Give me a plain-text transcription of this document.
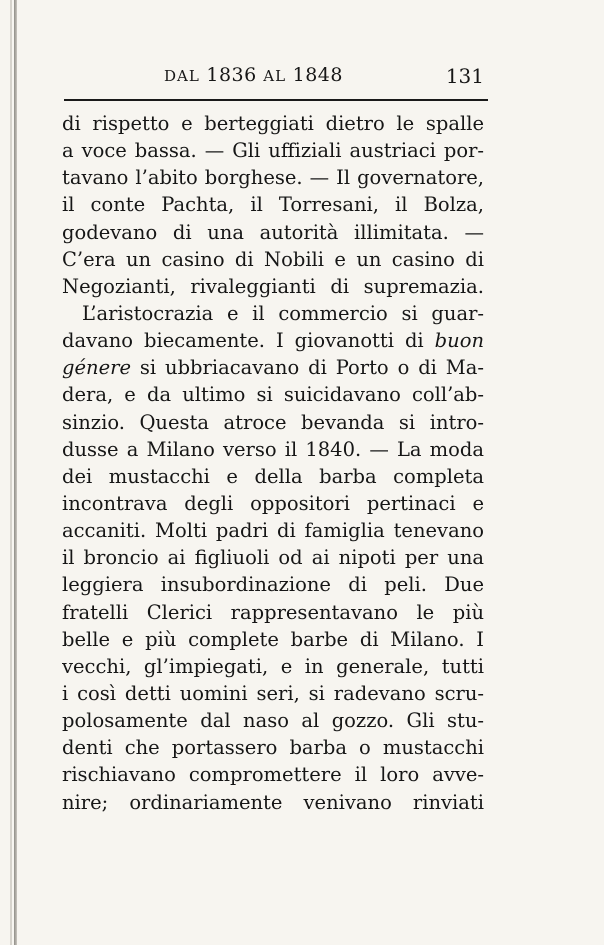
DAL 1836 AL 1848	131
di rispetto e berteggiati dietro le spalle
a voce bassa. — Gli uffiziali austriaci por-
tavano l’abito borghese. — Il governatore,
il conte Pachta, il Torresani, il Bolza,
godevano di una autorità illimitata. —
C’era un casino di Nobili e un casino di
Negozianti, rivaleggianti di supremazia.
L’aristocrazia e il commercio si guar-
davano biecamente. I giovanotti di buon
génere si ubbriacavano di Porto o di Ma-
dera, e da ultimo si suicidavano coll’ab-
sinzio. Questa atroce bevanda si intro-
dusse a Milano verso il 1840. — La moda
dei mustacchi e della barba completa
incontrava degli oppositori pertinaci e
accaniti. Molti padri di famiglia tenevano
il broncio ai figliuoli od ai nipoti per una
leggiera insubordinazione di peli. Due
fratelli Clerici rappresentavano le più
belle e più complete barbe di Milano. I
vecchi, gl’impiegati, e in generale, tutti
i così detti uomini seri, si radevano scru-
polosamente dal naso al gozzo. Gli stu-
denti che portassero barba o mustacchi
rischiavano compromettere il loro avve-
nire; ordinariamente venivano rinviati
